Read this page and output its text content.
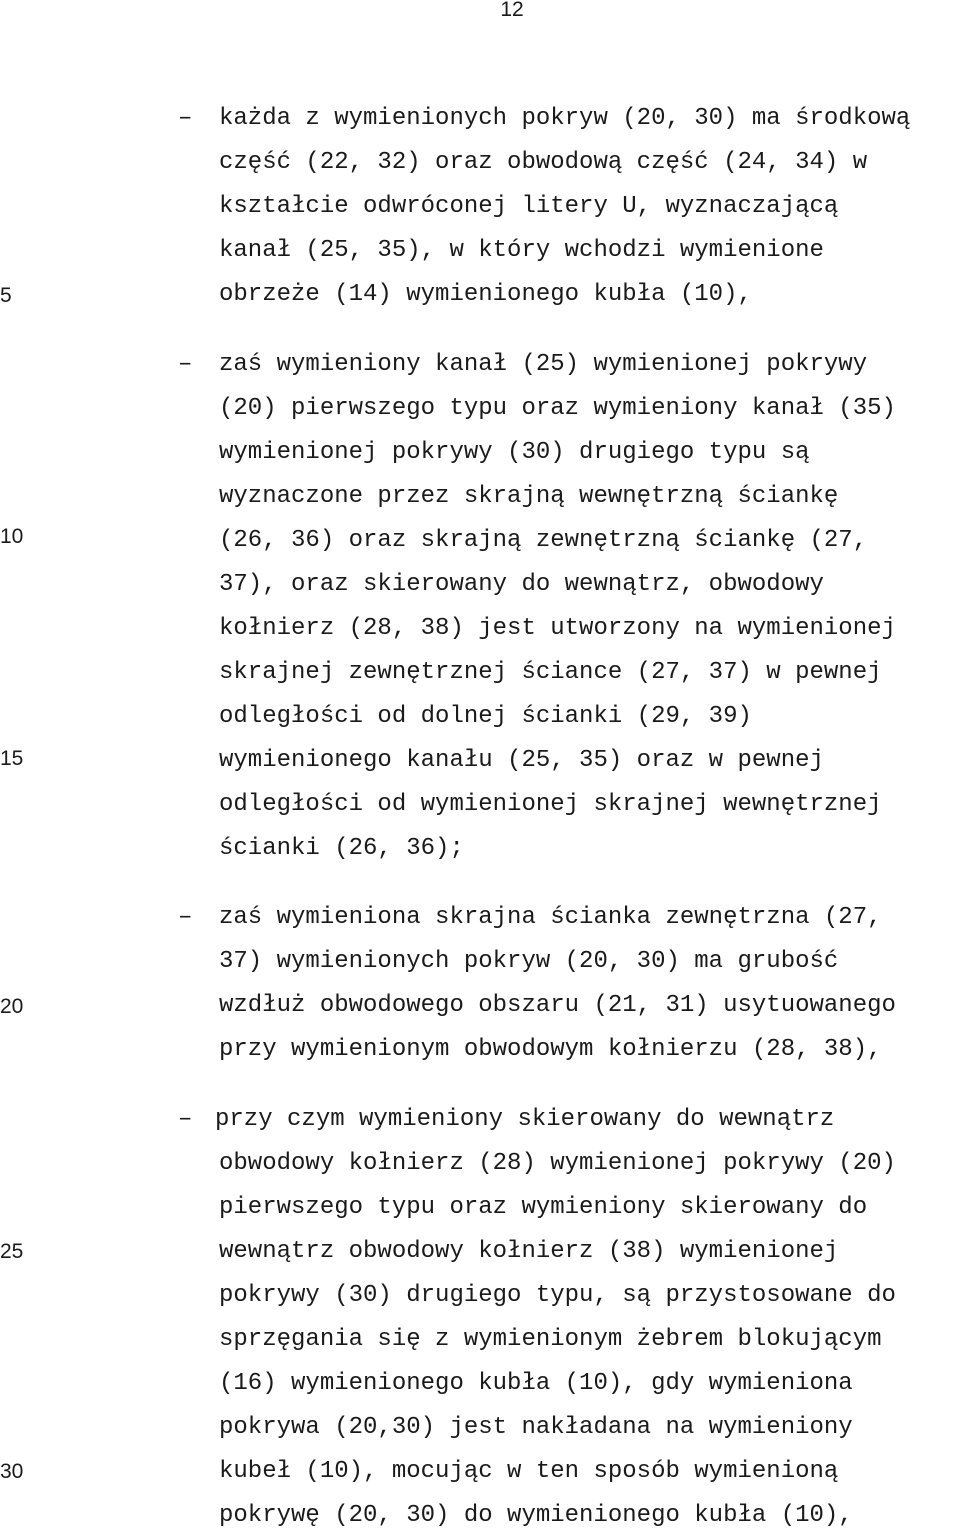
12
5
10
15
20
25
30
– każda z wymienionych pokryw (20, 30) ma środkową
część (22, 32) oraz obwodową część (24, 34) w
kształcie odwróconej litery U, wyznaczającą
kanał (25, 35), w który wchodzi wymienione
obrzeże (14) wymienionego kubła (10),
– zaś wymieniony kanał (25) wymienionej pokrywy
(20) pierwszego typu oraz wymieniony kanał (35)
wymienionej pokrywy (30) drugiego typu są
wyznaczone przez skrajną wewnętrzną ściankę
(26, 36) oraz skrajną zewnętrzną ściankę (27,
37), oraz skierowany do wewnątrz, obwodowy
kołnierz (28, 38) jest utworzony na wymienionej
skrajnej zewnętrznej ściance (27, 37) w pewnej
odległości od dolnej ścianki (29, 39)
wymienionego kanału (25, 35) oraz w pewnej
odległości od wymienionej skrajnej wewnętrznej
ścianki (26, 36);
– zaś wymieniona skrajna ścianka zewnętrzna (27,
37) wymienionych pokryw (20, 30) ma grubość
wzdłuż obwodowego obszaru (21, 31) usytuowanego
przy wymienionym obwodowym kołnierzu (28, 38),
– przy czym wymieniony skierowany do wewnątrz
obwodowy kołnierz (28) wymienionej pokrywy (20)
pierwszego typu oraz wymieniony skierowany do
wewnątrz obwodowy kołnierz (38) wymienionej
pokrywy (30) drugiego typu, są przystosowane do
sprzęgania się z wymienionym żebrem blokującym
(16) wymienionego kubła (10), gdy wymieniona
pokrywa (20,30) jest nakładana na wymieniony
kubeł (10), mocując w ten sposób wymienioną
pokrywę (20, 30) do wymienionego kubła (10),
